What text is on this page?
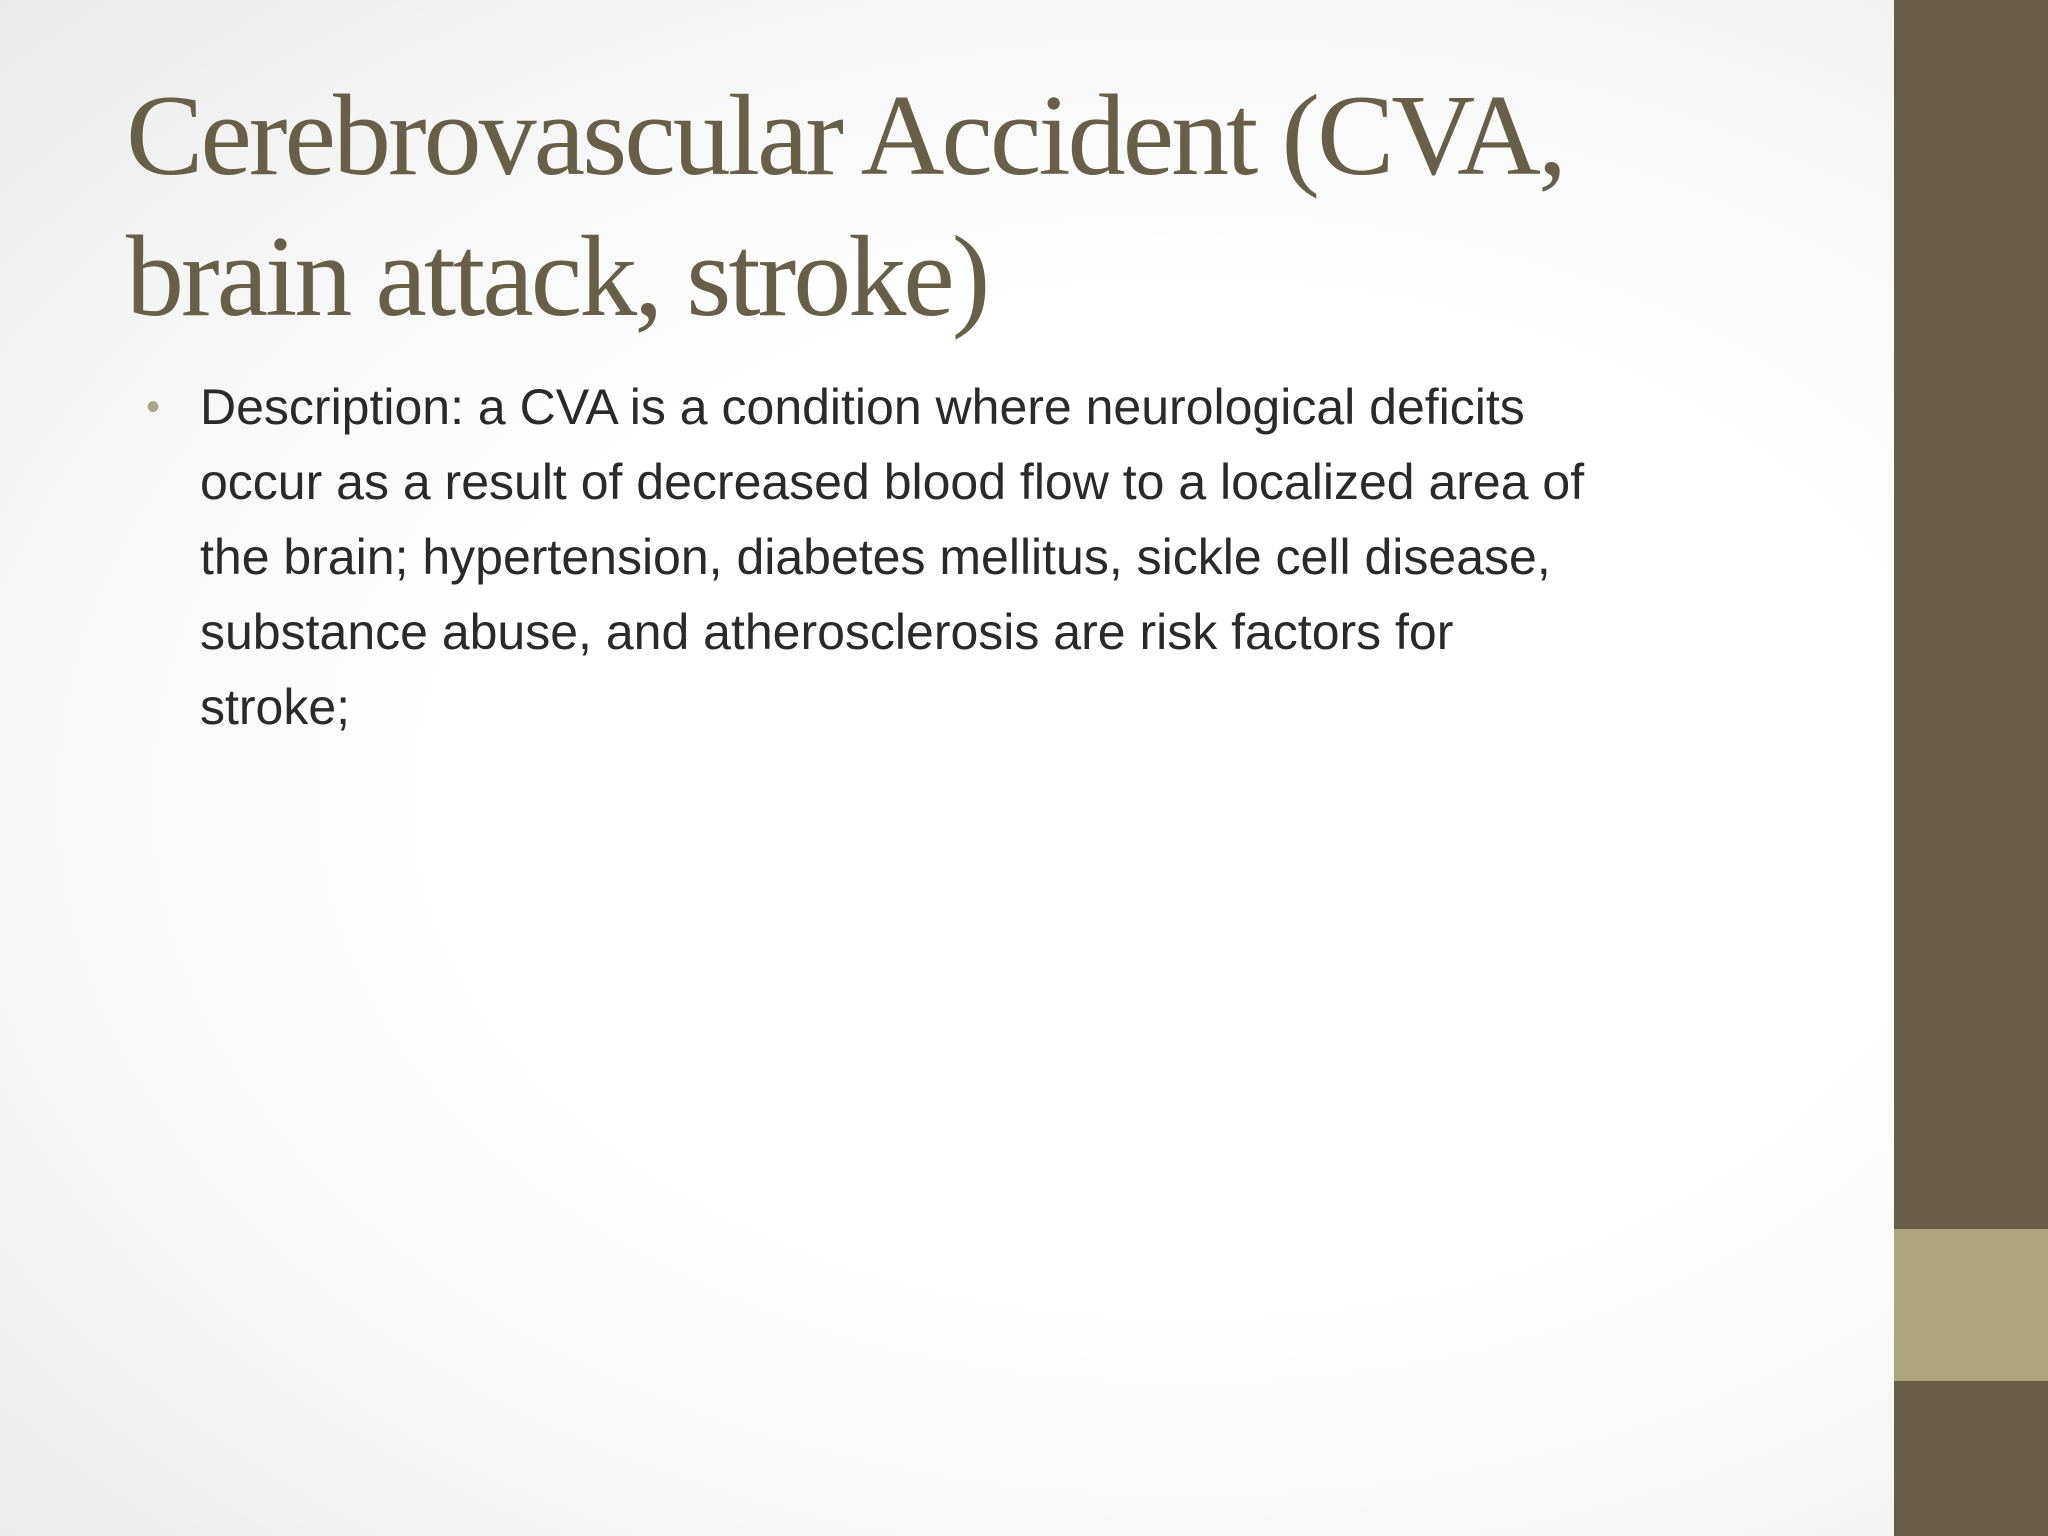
Cerebrovascular Accident (CVA,
brain attack, stroke)
• Description: a CVA is a condition where neurological deficits
occur as a result of decreased blood flow to a localized area of
the brain; hypertension, diabetes mellitus, sickle cell disease,
substance abuse, and atherosclerosis are risk factors for
stroke;
